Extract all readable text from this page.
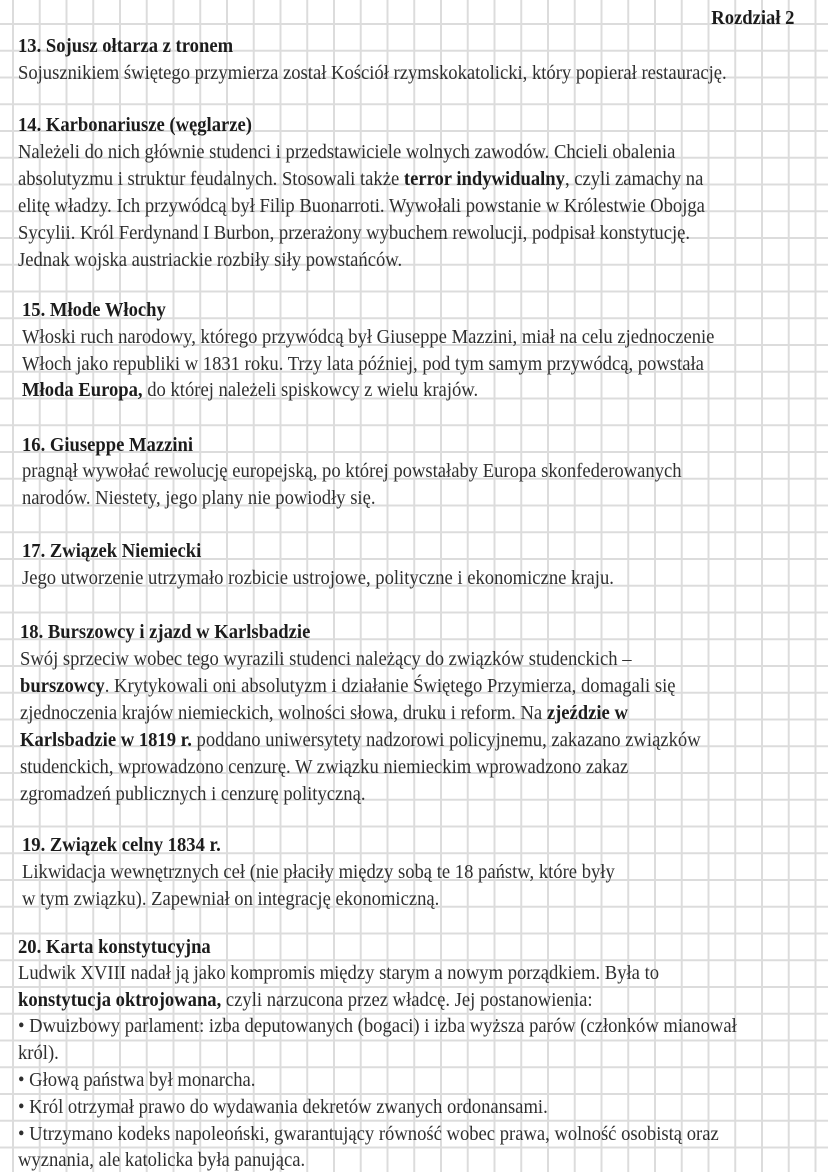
Rozdział 2
13. Sojusz ołtarza z tronem
Sojusznikiem świętego przymierza został Kościół rzymskokatolicki, który popierał restaurację.
14. Karbonariusze (węglarze)
Należeli do nich głównie studenci i przedstawiciele wolnych zawodów. Chcieli obalenia
absolutyzmu i struktur feudalnych. Stosowali także terror indywidualny, czyli zamachy na
elitę władzy. Ich przywódcą był Filip Buonarroti. Wywołali powstanie w Królestwie Obojga
Sycylii. Król Ferdynand I Burbon, przerażony wybuchem rewolucji, podpisał konstytucję.
Jednak wojska austriackie rozbiły siły powstańców.
15. Młode Włochy
Włoski ruch narodowy, którego przywódcą był Giuseppe Mazzini, miał na celu zjednoczenie
Włoch jako republiki w 1831 roku. Trzy lata później, pod tym samym przywódcą, powstała
Młoda Europa, do której należeli spiskowcy z wielu krajów.
16. Giuseppe Mazzini
pragnął wywołać rewolucję europejską, po której powstałaby Europa skonfederowanych
narodów. Niestety, jego plany nie powiodły się.
17. Związek Niemiecki
Jego utworzenie utrzymało rozbicie ustrojowe, polityczne i ekonomiczne kraju.
18. Burszowcy i zjazd w Karlsbadzie
Swój sprzeciw wobec tego wyrazili studenci należący do związków studenckich –
burszowcy. Krytykowali oni absolutyzm i działanie Świętego Przymierza, domagali się
zjednoczenia krajów niemieckich, wolności słowa, druku i reform. Na zjeździe w
Karlsbadzie w 1819 r. poddano uniwersytety nadzorowi policyjnemu, zakazano związków
studenckich, wprowadzono cenzurę. W związku niemieckim wprowadzono zakaz
zgromadzeń publicznych i cenzurę polityczną.
19. Związek celny 1834 r.
Likwidacja wewnętrznych ceł (nie płaciły między sobą te 18 państw, które były
w tym związku). Zapewniał on integrację ekonomiczną.
20. Karta konstytucyjna
Ludwik XVIII nadał ją jako kompromis między starym a nowym porządkiem. Była to
konstytucja oktrojowana, czyli narzucona przez władcę. Jej postanowienia:
• Dwuizbowy parlament: izba deputowanych (bogaci) i izba wyższa parów (członków mianował
król).
• Głową państwa był monarcha.
• Król otrzymał prawo do wydawania dekretów zwanych ordonansami.
• Utrzymano kodeks napoleoński, gwarantujący równość wobec prawa, wolność osobistą oraz
wyznania, ale katolicka była panująca.
